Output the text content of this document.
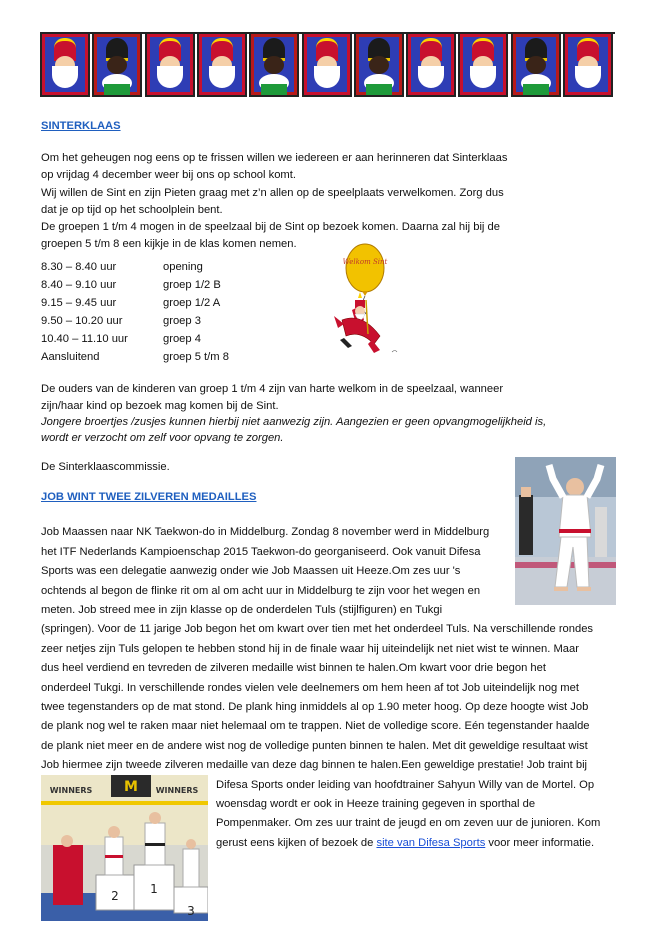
SINTERKLAAS
Om het geheugen nog eens op te frissen willen we iedereen er aan herinneren dat Sinterklaas
op vrijdag 4 december weer bij ons op school komt.
Wij willen de Sint en zijn Pieten graag met z’n allen op de speelplaats verwelkomen. Zorg dus
dat je op tijd op het schoolplein bent.
De groepen 1 t/m 4 mogen in de speelzaal bij de Sint op bezoek komen. Daarna zal hij bij de
groepen 5 t/m 8 een kijkje in de klas komen nemen.
8.30 – 8.40 uur	opening
8.40 – 9.10 uur	groep 1/2 B
9.15 – 9.45 uur	groep 1/2 A
9.50 – 10.20 uur	groep 3
10.40 – 11.10 uur	groep 4
Aansluitend	groep 5 t/m 8
Welkom Sint
De ouders van de kinderen van groep 1 t/m 4 zijn van harte welkom in de speelzaal, wanneer
zijn/haar kind op bezoek mag komen bij de Sint.
Jongere broertjes /zusjes kunnen hierbij niet aanwezig zijn. Aangezien er geen opvangmogelijkheid is,
wordt er verzocht om zelf voor opvang te zorgen.
De Sinterklaascommissie.
JOB WINT TWEE ZILVEREN MEDAILLES
Job Maassen naar NK Taekwon-do in Middelburg. Zondag 8 november werd in Middelburg
het ITF Nederlands Kampioenschap 2015 Taekwon-do georganiseerd. Ook vanuit Difesa
Sports was een delegatie aanwezig onder wie Job Maassen uit Heeze.Om zes uur 's
ochtends al begon de flinke rit om al om acht uur in Middelburg te zijn voor het wegen en
meten. Job streed mee in zijn klasse op de onderdelen Tuls (stijlfiguren) en Tukgi
(springen). Voor de 11 jarige Job begon het om kwart over tien met het onderdeel Tuls. Na verschillende rondes
zeer netjes zijn Tuls gelopen te hebben stond hij in de finale waar hij uiteindelijk net niet wist te winnen. Maar
dus heel verdiend en tevreden de zilveren medaille wist binnen te halen.Om kwart voor drie begon het
onderdeel Tukgi. In verschillende rondes vielen vele deelnemers om hem heen af tot Job uiteindelijk nog met
twee tegenstanders op de mat stond. De plank hing inmiddels al op 1.90 meter hoog. Op deze hoogte wist Job
de plank nog wel te raken maar niet helemaal om te trappen. Niet de volledige score. Eén tegenstander haalde
de plank niet meer en de andere wist nog de volledige punten binnen te halen. Met dit geweldige resultaat wist
Job hiermee zijn tweede zilveren medaille van deze dag binnen te halen.Een geweldige prestatie! Job traint bij
Difesa Sports onder leiding van hoofdtrainer Sahyun Willy van de Mortel. Op
woensdag wordt er ook in Heeze training gegeven in sporthal de
Pompenmaker. Om zes uur traint de jeugd en om zeven uur de junioren. Kom
gerust eens kijken of bezoek de site van Difesa Sports voor meer informatie.
M
WINNERS	WINNERS
2	1
3
